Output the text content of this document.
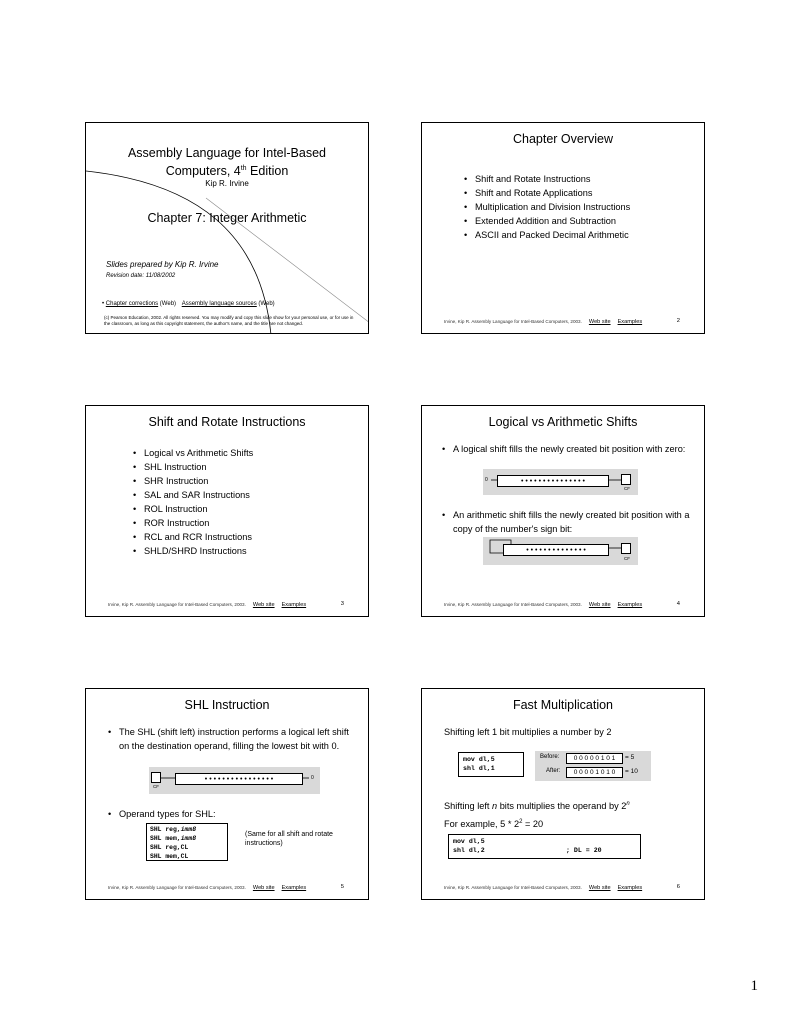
Assembly Language for Intel-Based
Computers, 4th Edition
Kip R. Irvine
Chapter 7: Integer Arithmetic
Slides prepared by Kip R. Irvine
Revision date: 11/08/2002
• Chapter corrections (Web) Assembly language sources (Web)
(c) Pearson Education, 2002. All rights reserved. You may modify and copy this slide show for your personal use, or for use in the classroom, as long as this copyright statement, the author's name, and the title are not changed.
Chapter Overview
• Shift and Rotate Instructions
• Shift and Rotate Applications
• Multiplication and Division Instructions
• Extended Addition and Subtraction
• ASCII and Packed Decimal Arithmetic
Irvine, Kip R. Assembly Language for Intel-Based Computers, 2003. Web site Examples	2
Shift and Rotate Instructions
• Logical vs Arithmetic Shifts
• SHL Instruction
• SHR Instruction
• SAL and SAR Instructions
• ROL Instruction
• ROR Instruction
• RCL and RCR Instructions
• SHLD/SHRD Instructions
Irvine, Kip R. Assembly Language for Intel-Based Computers, 2003. Web site Examples	3
Logical vs Arithmetic Shifts
• A logical shift fills the newly created bit position with zero:
0	• • • • • • • • • • • • • • •
CF
• An arithmetic shift fills the newly created bit position with a copy of the number's sign bit:
• • • • • • • • • • • • • •
CF
Irvine, Kip R. Assembly Language for Intel-Based Computers, 2003. Web site Examples	4
SHL Instruction
• The SHL (shift left) instruction performs a logical left shift on the destination operand, filling the lowest bit with 0.
CF
• • • • • • • • • • • • • • • •	0
• Operand types for SHL:
SHL reg,imm8
SHL mem,imm8
SHL reg,CL
SHL mem,CL
(Same for all shift and rotate instructions)
Irvine, Kip R. Assembly Language for Intel-Based Computers, 2003. Web site Examples	5
Fast Multiplication
Shifting left 1 bit multiplies a number by 2
mov dl,5
shl dl,1
Before:	0 0 0 0 0 1 0 1	= 5
After:	0 0 0 0 1 0 1 0	= 10
Shifting left n bits multiplies the operand by 2$^n$
For example, $5 * 2^2 = 20$
mov dl,5
shl dl,2	; DL = 20
Irvine, Kip R. Assembly Language for Intel-Based Computers, 2003. Web site Examples	6
1
